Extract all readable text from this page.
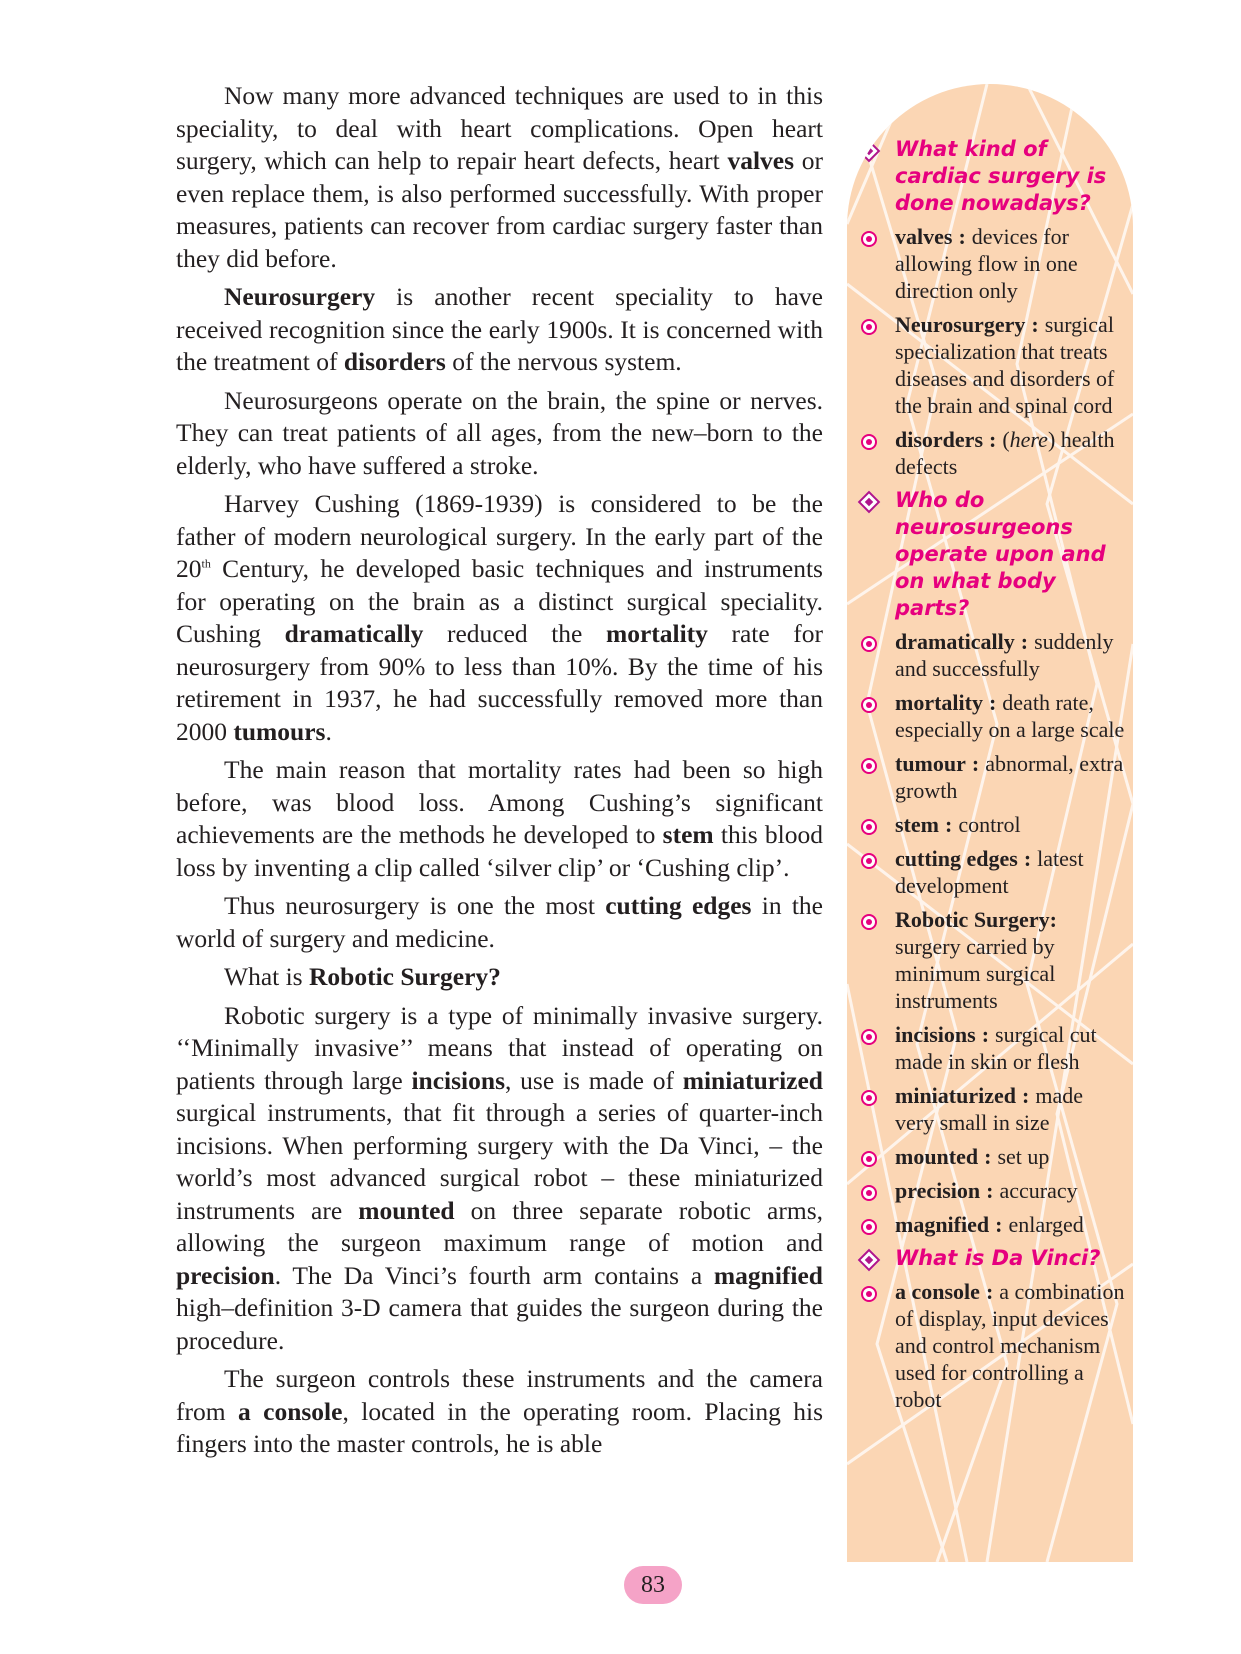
Now many more advanced techniques are used to in this speciality, to deal with heart complications. Open heart surgery, which can help to repair heart defects, heart valves or even replace them, is also performed successfully. With proper measures, patients can recover from cardiac surgery faster than they did before.

Neurosurgery is another recent speciality to have received recognition since the early 1900s. It is concerned with the treatment of disorders of the nervous system.

Neurosurgeons operate on the brain, the spine or nerves. They can treat patients of all ages, from the new–born to the elderly, who have suffered a stroke.

Harvey Cushing (1869-1939) is considered to be the father of modern neurological surgery. In the early part of the 20th Century, he developed basic techniques and instruments for operating on the brain as a distinct surgical speciality. Cushing dramatically reduced the mortality rate for neurosurgery from 90% to less than 10%. By the time of his retirement in 1937, he had successfully removed more than 2000 tumours.

The main reason that mortality rates had been so high before, was blood loss. Among Cushing’s significant achievements are the methods he developed to stem this blood loss by inventing a clip called ‘silver clip’ or ‘Cushing clip’.

Thus neurosurgery is one the most cutting edges in the world of surgery and medicine.

What is Robotic Surgery?

Robotic surgery is a type of minimally invasive surgery. ‘‘Minimally invasive’’ means that instead of operating on patients through large incisions, use is made of miniaturized surgical instruments, that fit through a series of quarter-inch incisions. When performing surgery with the Da Vinci, – the world’s most advanced surgical robot – these miniaturized instruments are mounted on three separate robotic arms, allowing the surgeon maximum range of motion and precision. The Da Vinci’s fourth arm contains a magnified high–definition 3-D camera that guides the surgeon during the procedure.

The surgeon controls these instruments and the camera from a console, located in the operating room. Placing his fingers into the master controls, he is able

What kind of cardiac surgery is done nowadays?
valves : devices for allowing flow in one direction only
Neurosurgery : surgical specialization that treats diseases and disorders of the brain and spinal cord
disorders : (here) health defects
Who do neurosurgeons operate upon and on what body parts?
dramatically : suddenly and successfully
mortality : death rate, especially on a large scale
tumour : abnormal, extra growth
stem : control
cutting edges : latest development
Robotic Surgery: surgery carried by minimum surgical instruments
incisions : surgical cut made in skin or flesh
miniaturized : made very small in size
mounted : set up
precision : accuracy
magnified : enlarged
What is Da Vinci?
a console : a combination of display, input devices and control mechanism used for controlling a robot
83
